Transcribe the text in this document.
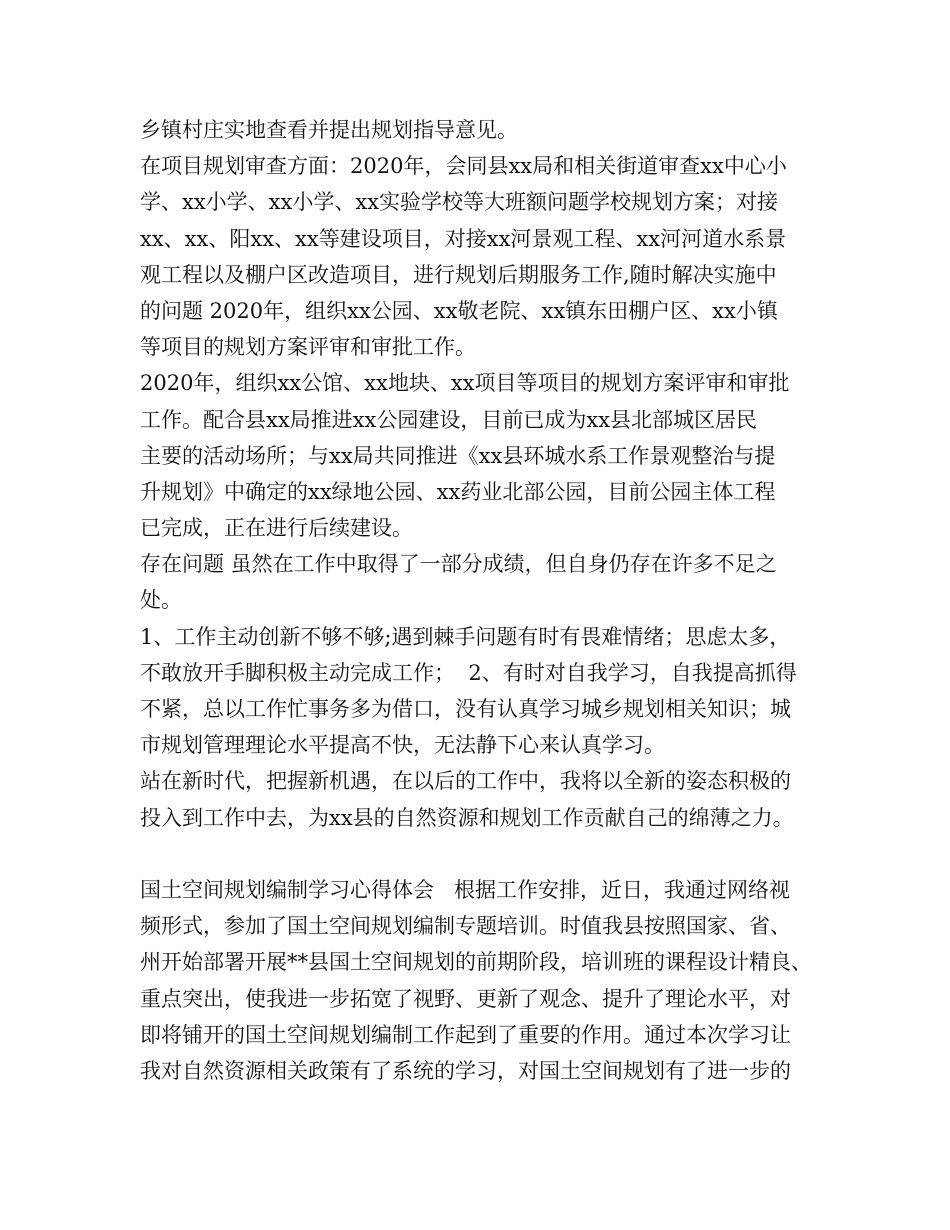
乡镇村庄实地查看并提出规划指导意见。
在项目规划审查方面：2020年，会同县xx局和相关街道审查xx中心小
学、xx小学、xx小学、xx实验学校等大班额问题学校规划方案；对接
xx、xx、阳xx、xx等建设项目，对接xx河景观工程、xx河河道水系景
观工程以及棚户区改造项目，进行规划后期服务工作,随时解决实施中
的问题 2020年，组织xx公园、xx敬老院、xx镇东田棚户区、xx小镇
等项目的规划方案评审和审批工作。
2020年，组织xx公馆、xx地块、xx项目等项目的规划方案评审和审批
工作。配合县xx局推进xx公园建设，目前已成为xx县北部城区居民
主要的活动场所；与xx局共同推进《xx县环城水系工作景观整治与提
升规划》中确定的xx绿地公园、xx药业北部公园，目前公园主体工程
已完成，正在进行后续建设。
存在问题 虽然在工作中取得了一部分成绩，但自身仍存在许多不足之
处。
1、工作主动创新不够不够;遇到棘手问题有时有畏难情绪；思虑太多，
不敢放开手脚积极主动完成工作；  2、有时对自我学习，自我提高抓得
不紧，总以工作忙事务多为借口，没有认真学习城乡规划相关知识；城
市规划管理理论水平提高不快，无法静下心来认真学习。
站在新时代，把握新机遇，在以后的工作中，我将以全新的姿态积极的
投入到工作中去，为xx县的自然资源和规划工作贡献自己的绵薄之力。
国土空间规划编制学习心得体会   根据工作安排，近日，我通过网络视
频形式，参加了国土空间规划编制专题培训。时值我县按照国家、省、
州开始部署开展**县国土空间规划的前期阶段，培训班的课程设计精良、
重点突出，使我进一步拓宽了视野、更新了观念、提升了理论水平，对
即将铺开的国土空间规划编制工作起到了重要的作用。通过本次学习让
我对自然资源相关政策有了系统的学习，对国土空间规划有了进一步的
